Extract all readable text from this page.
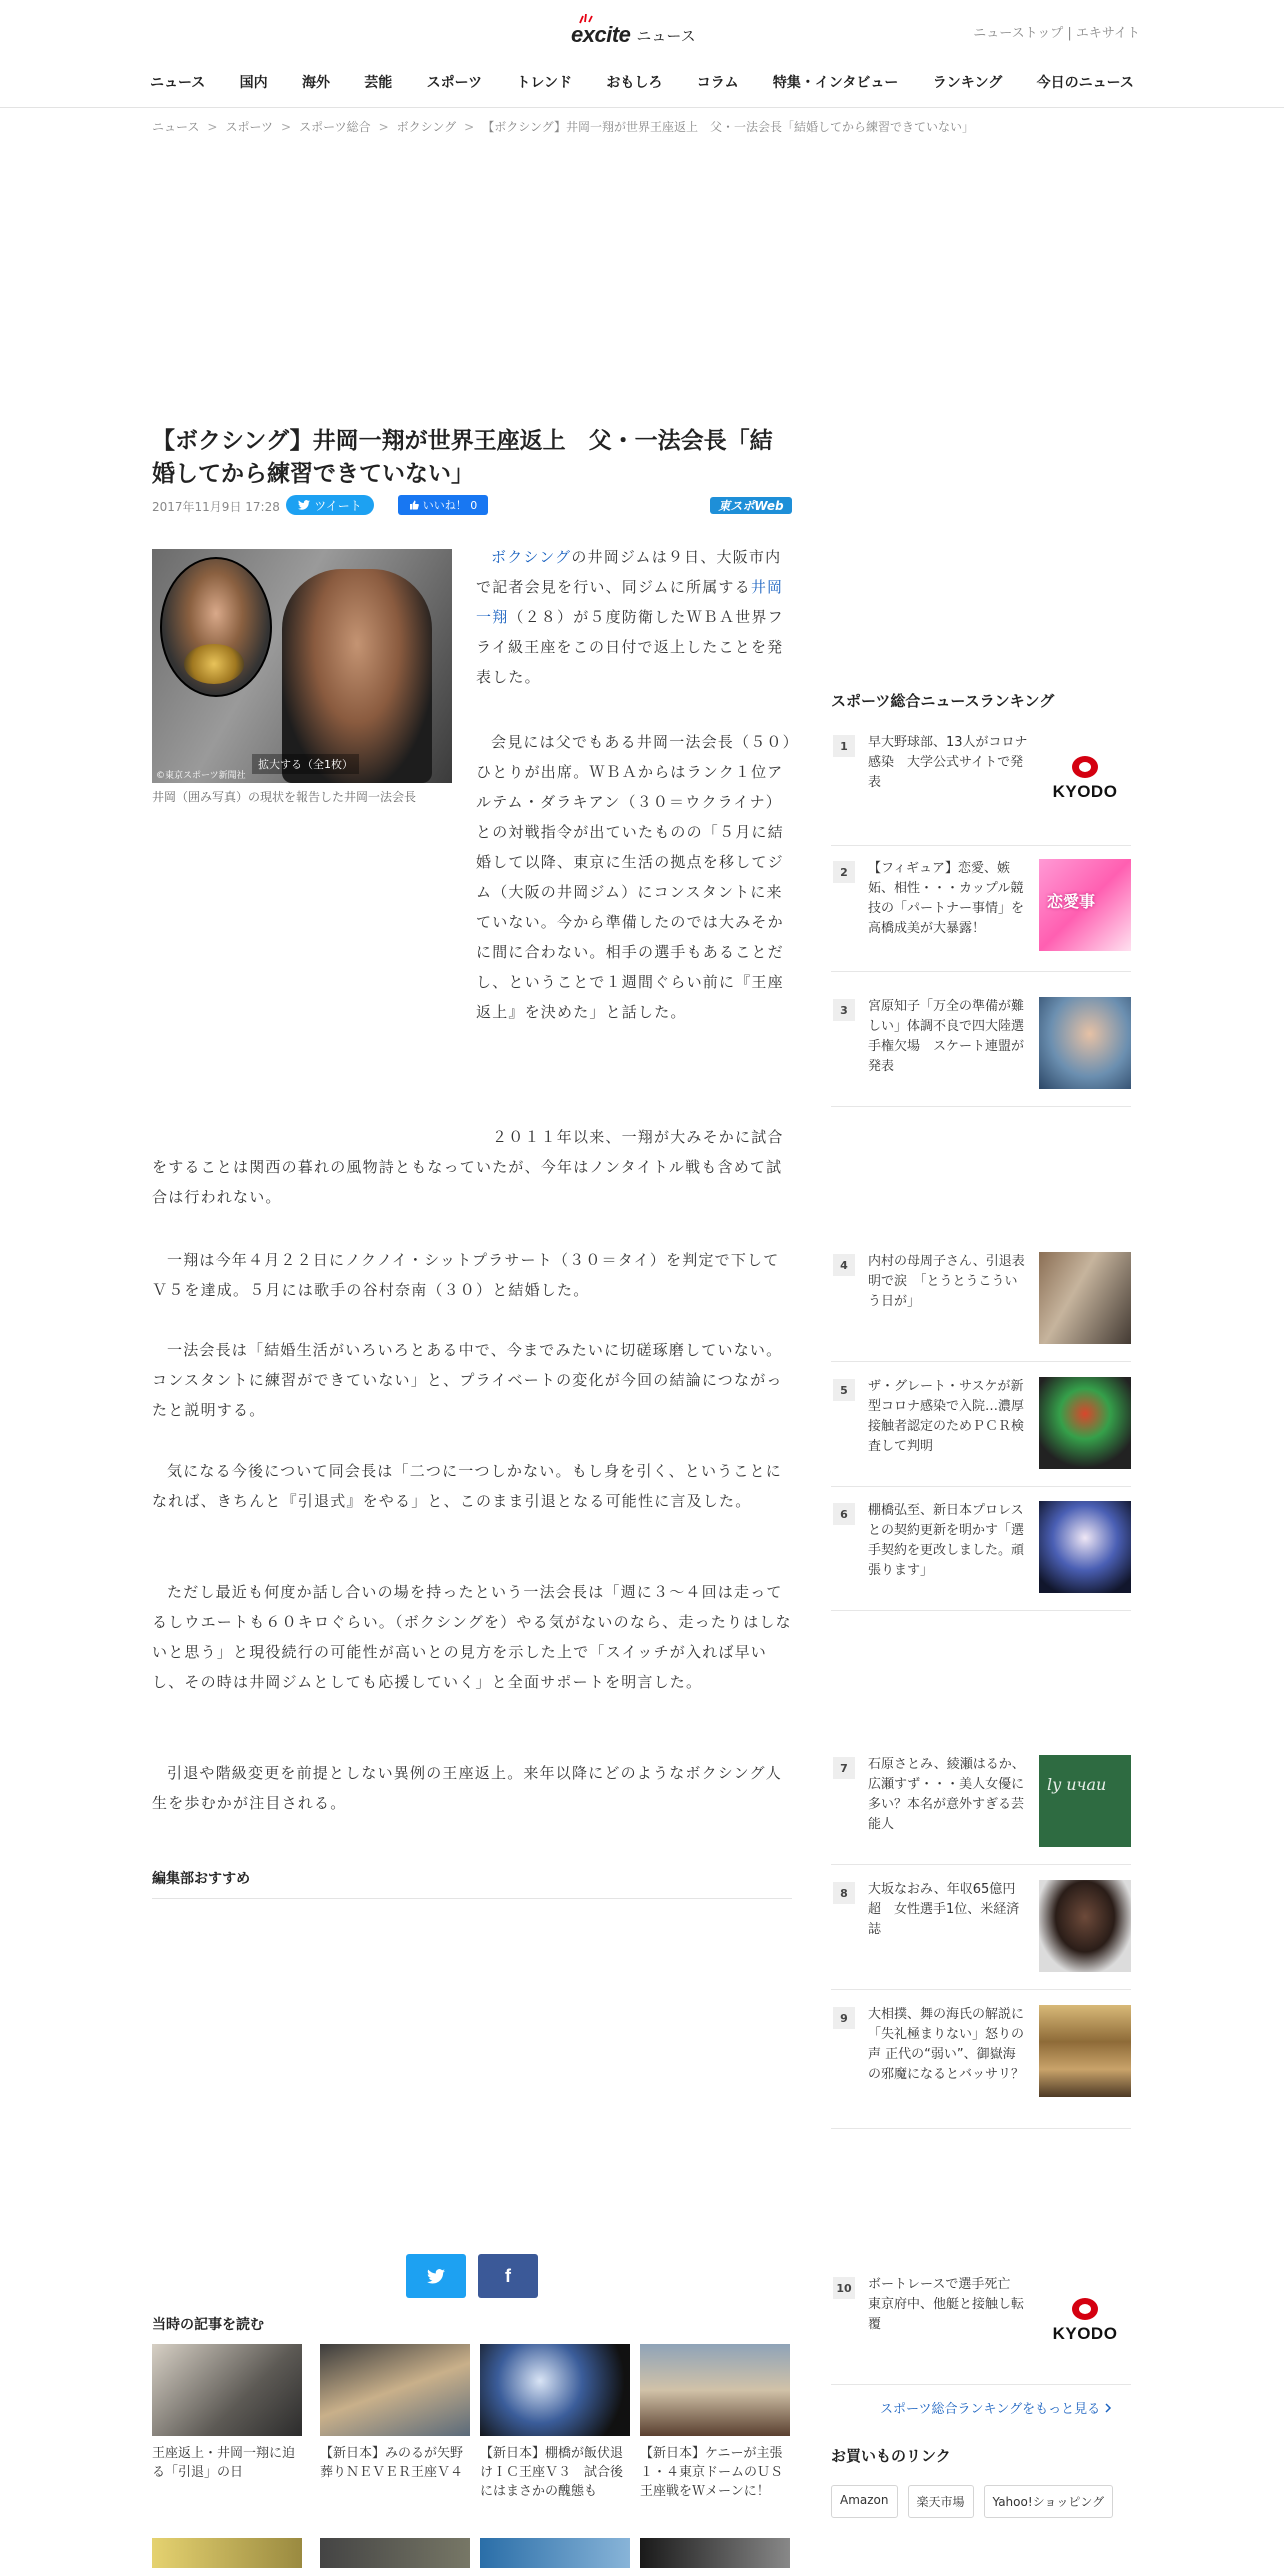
excite ニュース	ニューストップ | エキサイト
ニュース 国内 海外 芸能 スポーツ トレンド おもしろ コラム 特集・インタビュー ランキング 今日のニュース
ニュース > スポーツ > スポーツ総合 > ボクシング > 【ボクシング】井岡一翔が世界王座返上　父・一法会長「結婚してから練習できていない」
【ボクシング】井岡一翔が世界王座返上　父・一法会長「結婚してから練習できていない」
2017年11月9日 17:28	ツイート	いいね！ 0	東スポWeb
拡大する（全1枚）
©東京スポーツ新聞社
井岡（囲み写真）の現状を報告した井岡一法会長

ボクシングの井岡ジムは９日、大阪市内で記者会見を行い、同ジムに所属する井岡一翔（２８）が５度防衛したＷＢＡ世界フライ級王座をこの日付で返上したことを発表した。

会見には父でもある井岡一法会長（５０）ひとりが出席。ＷＢＡからはランク１位アルテム・ダラキアン（３０＝ウクライナ）との対戦指令が出ていたものの「５月に結婚して以降、東京に生活の拠点を移してジム（大阪の井岡ジム）にコンスタントに来ていない。今から準備したのでは大みそかに間に合わない。相手の選手もあることだし、ということで１週間ぐらい前に『王座返上』を決めた」と話した。

２０１１年以来、一翔が大みそかに試合をすることは関西の暮れの風物詩ともなっていたが、今年はノンタイトル戦も含めて試合は行われない。

一翔は今年４月２２日にノクノイ・シットプラサート（３０＝タイ）を判定で下してＶ５を達成。５月には歌手の谷村奈南（３０）と結婚した。

一法会長は「結婚生活がいろいろとある中で、今までみたいに切磋琢磨していない。コンスタントに練習ができていない」と、プライベートの変化が今回の結論につながったと説明する。

気になる今後について同会長は「二つに一つしかない。もし身を引く、ということになれば、きちんと『引退式』をやる」と、このまま引退となる可能性に言及した。

ただし最近も何度か話し合いの場を持ったという一法会長は「週に３～４回は走ってるしウエートも６０キロぐらい。（ボクシングを）やる気がないのなら、走ったりはしないと思う」と現役続行の可能性が高いとの見方を示した上で「スイッチが入れば早いし、その時は井岡ジムとしても応援していく」と全面サポートを明言した。

引退や階級変更を前提としない異例の王座返上。来年以降にどのようなボクシング人生を歩むかが注目される。

編集部おすすめ
f
当時の記事を読む
王座返上・井岡一翔に迫る「引退」の日
【新日本】みのるが矢野葬りＮＥＶＥＲ王座Ｖ４
【新日本】棚橋が飯伏退けＩＣ王座Ｖ３　試合後にはまさかの醜態も
【新日本】ケニーが主張 １・４東京ドームのＵＳ王座戦をＷメーンに！
スポーツ総合ニュースランキング
1	早大野球部、13人がコロナ感染　大学公式サイトで発表	KYODO
2	【フィギュア】恋愛、嫉妬、相性・・・カップル競技の「パートナー事情」を高橋成美が大暴露！
恋愛事
3	宮原知子「万全の準備が難しい」体調不良で四大陸選手権欠場　スケート連盟が発表
4	内村の母周子さん、引退表明で涙　「とうとうこういう日が」
5	ザ・グレート・サスケが新型コロナ感染で入院…濃厚接触者認定のためＰＣＲ検査して判明
6	棚橋弘至、新日本プロレスとの契約更新を明かす「選手契約を更改しました。頑張ります」
7	石原さとみ、綾瀬はるか、広瀬すず・・・美人女優に多い？本名が意外すぎる芸能人
ly ичаи
8	大坂なおみ、年収65億円超　女性選手1位、米経済誌
9	大相撲、舞の海氏の解説に「失礼極まりない」怒りの声 正代の“弱い”、御嶽海の邪魔になるとバッサリ？
10 ボートレースで選手死亡　東京府中、他艇と接触し転覆	KYODO
スポーツ総合ランキングをもっと見る
お買いものリンク
Amazon	楽天市場	Yahoo!ショッピング
